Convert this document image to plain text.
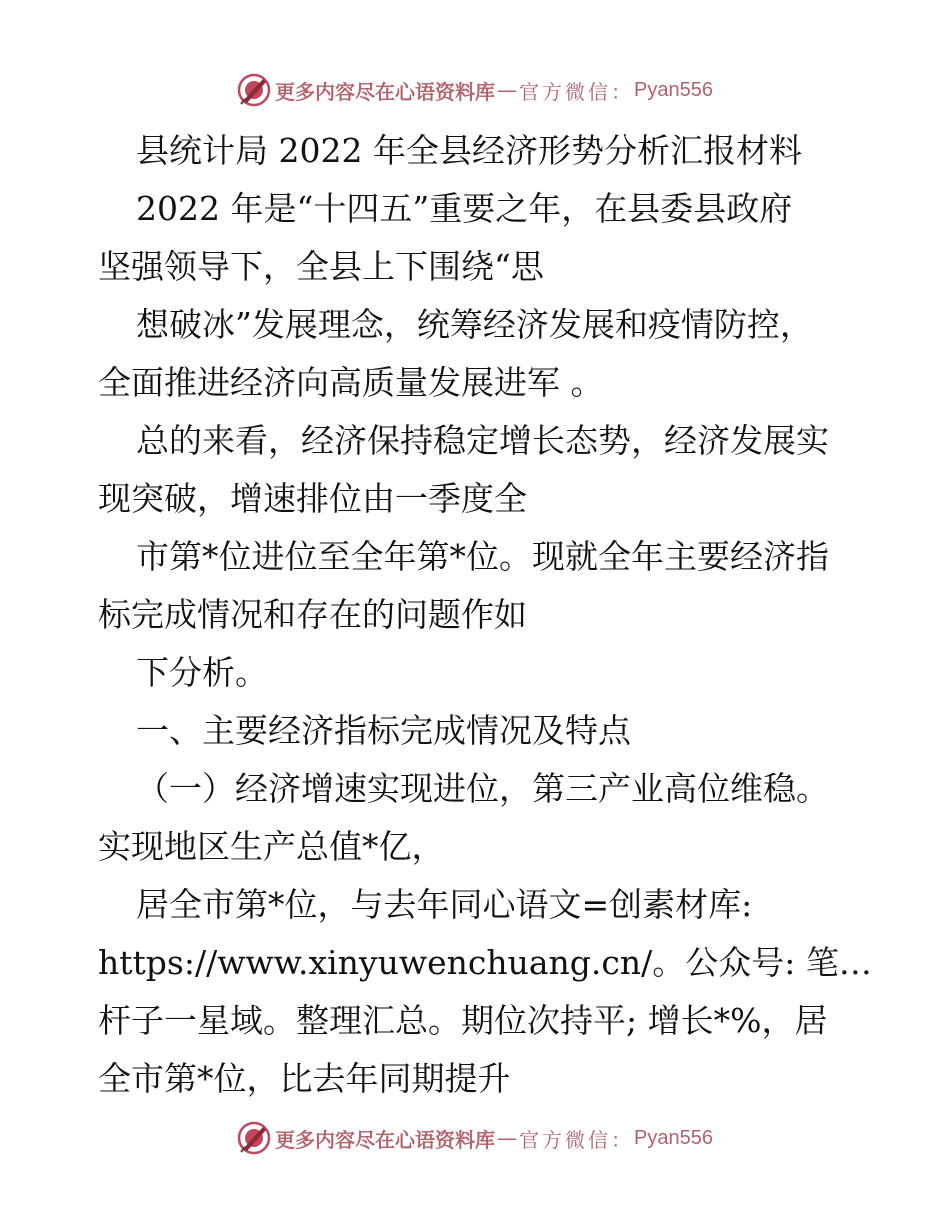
更多内容尽在心语资料库 — 官方微信： Pyan556
县统计局 2022 年全县经济形势分析汇报材料
2022 年是“十四五”重要之年，在县委县政府
坚强领导下，全县上下围绕“思
想破冰”发展理念，统筹经济发展和疫情防控，
全面推进经济向高质量发展进军 。
总的来看，经济保持稳定增长态势，经济发展实
现突破，增速排位由一季度全
市第*位进位至全年第*位。现就全年主要经济指
标完成情况和存在的问题作如
下分析。
一、主要经济指标完成情况及特点
（一）经济增速实现进位，第三产业高位维稳。
实现地区生产总值*亿，
居全市第*位，与去年同心语文=创素材库:
https://www.xinyuwenchuang.cn/。公众号: 笔…
杆子一星域。整理汇总。期位次持平; 增长*%，居
全市第*位，比去年同期提升
更多内容尽在心语资料库 — 官方微信： Pyan556
